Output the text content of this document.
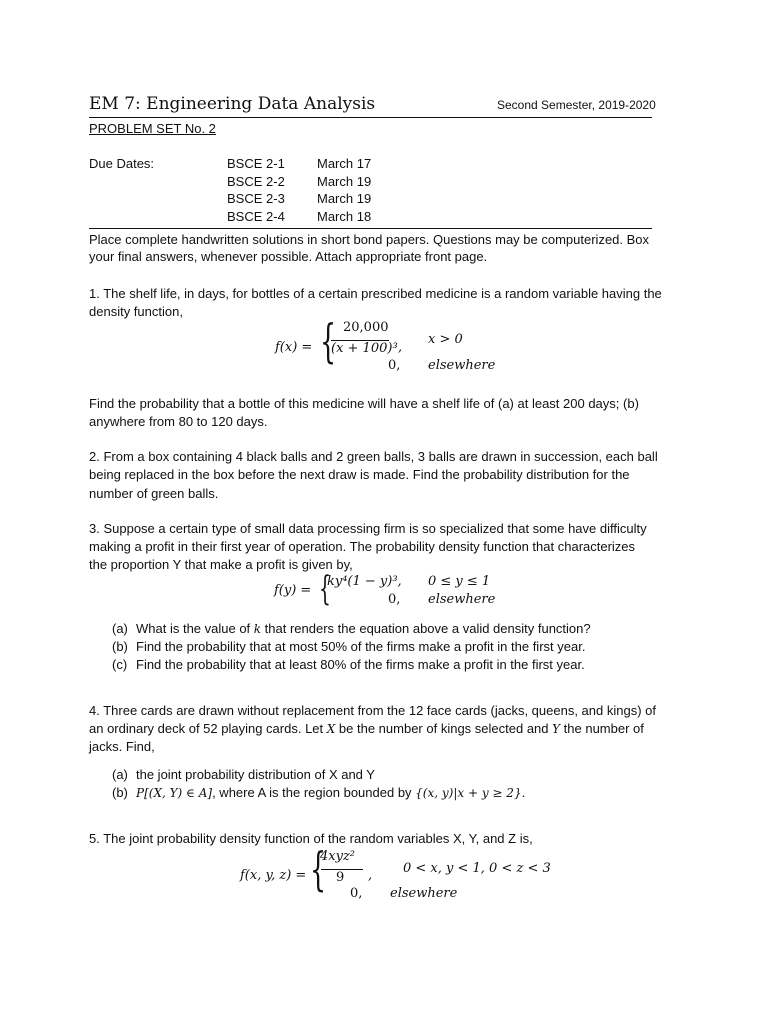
EM 7: Engineering Data Analysis	Second Semester, 2019-2020
PROBLEM SET No. 2
Due Dates:	BSCE 2-1 March 17
BSCE 2-2 March 19
BSCE 2-3 March 19
BSCE 2-4 March 18
Place complete handwritten solutions in short bond papers. Questions may be computerized. Box
your final answers, whenever possible. Attach appropriate front page.
1. The shelf life, in days, for bottles of a certain prescribed medicine is a random variable having the
density function,
f(x) = { 20,000
(x + 100)³ ,
x > 0
0, elsewhere
Find the probability that a bottle of this medicine will have a shelf life of (a) at least 200 days; (b)
anywhere from 80 to 120 days.
2. From a box containing 4 black balls and 2 green balls, 3 balls are drawn in succession, each ball
being replaced in the box before the next draw is made. Find the probability distribution for the
number of green balls.
3. Suppose a certain type of small data processing firm is so specialized that some have difficulty
making a profit in their first year of operation. The probability density function that characterizes
the proportion Y that make a profit is given by,
f(y) = {
ky⁴(1 − y)³, 0 ≤ y ≤ 1
0, elsewhere
(a) What is the value of k that renders the equation above a valid density function?
(b) Find the probability that at most 50% of the firms make a profit in the first year.
(c) Find the probability that at least 80% of the firms make a profit in the first year.
4. Three cards are drawn without replacement from the 12 face cards (jacks, queens, and kings) of
an ordinary deck of 52 playing cards. Let X be the number of kings selected and Y the number of
jacks. Find,
(a) the joint probability distribution of X and Y
(b) P[(X, Y) ∈ A], where A is the region bounded by {(x, y)|x + y ≥ 2}.
5. The joint probability density function of the random variables X, Y, and Z is,
f(x, y, z) = {
4xyz²
9 , 0 < x, y < 1, 0 < z < 3
0, elsewhere
